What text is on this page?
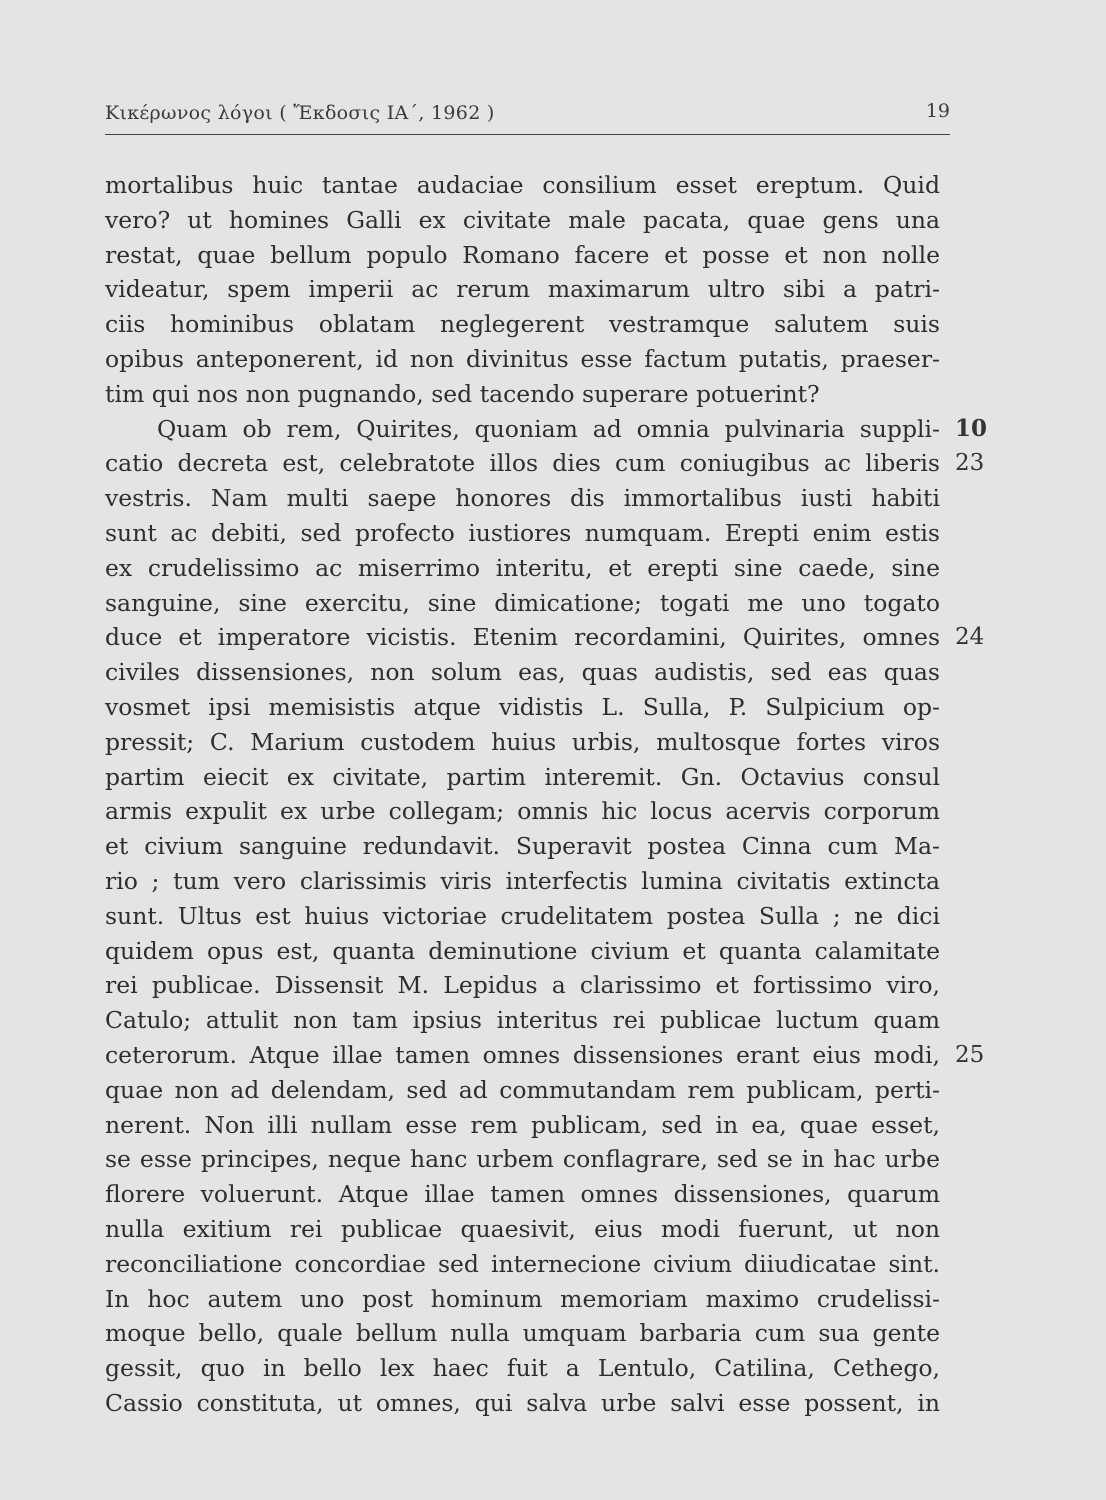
Κικέρωνος λόγοι ( Ἔκδοσις ΙΑ΄, 1962 )	19
mortalibus huic tantae audaciae consilium esset ereptum. Quid
vero? ut homines Galli ex civitate male pacata, quae gens una
restat, quae bellum populo Romano facere et posse et non nolle
videatur, spem imperii ac rerum maximarum ultro sibi a patri-
ciis hominibus oblatam neglegerent vestramque salutem suis
opibus anteponerent, id non divinitus esse factum putatis, praeser-
tim qui nos non pugnando, sed tacendo superare potuerint?
Quam ob rem, Quirites, quoniam ad omnia pulvinaria suppli- 10
catio decreta est, celebratote illos dies cum coniugibus ac liberis 23
vestris. Nam multi saepe honores dis immortalibus iusti habiti
sunt ac debiti, sed profecto iustiores numquam. Erepti enim estis
ex crudelissimo ac miserrimo interitu, et erepti sine caede, sine
sanguine, sine exercitu, sine dimicatione; togati me uno togato
duce et imperatore vicistis. Etenim recordamini, Quirites, omnes 24
civiles dissensiones, non solum eas, quas audistis, sed eas quas
vosmet ipsi memisistis atque vidistis L. Sulla, P. Sulpicium op-
pressit; C. Marium custodem huius urbis, multosque fortes viros
partim eiecit ex civitate, partim interemit. Gn. Octavius consul
armis expulit ex urbe collegam; omnis hic locus acervis corporum
et civium sanguine redundavit. Superavit postea Cinna cum Ma-
rio ; tum vero clarissimis viris interfectis lumina civitatis extincta
sunt. Ultus est huius victoriae crudelitatem postea Sulla ; ne dici
quidem opus est, quanta deminutione civium et quanta calamitate
rei publicae. Dissensit M. Lepidus a clarissimo et fortissimo viro,
Catulo; attulit non tam ipsius interitus rei publicae luctum quam
ceterorum. Atque illae tamen omnes dissensiones erant eius modi, 25
quae non ad delendam, sed ad commutandam rem publicam, perti-
nerent. Non illi nullam esse rem publicam, sed in ea, quae esset,
se esse principes, neque hanc urbem conflagrare, sed se in hac urbe
florere voluerunt. Atque illae tamen omnes dissensiones, quarum
nulla exitium rei publicae quaesivit, eius modi fuerunt, ut non
reconciliatione concordiae sed internecione civium diiudicatae sint.
In hoc autem uno post hominum memoriam maximo crudelissi-
moque bello, quale bellum nulla umquam barbaria cum sua gente
gessit, quo in bello lex haec fuit a Lentulo, Catilina, Cethego,
Cassio constituta, ut omnes, qui salva urbe salvi esse possent, in
